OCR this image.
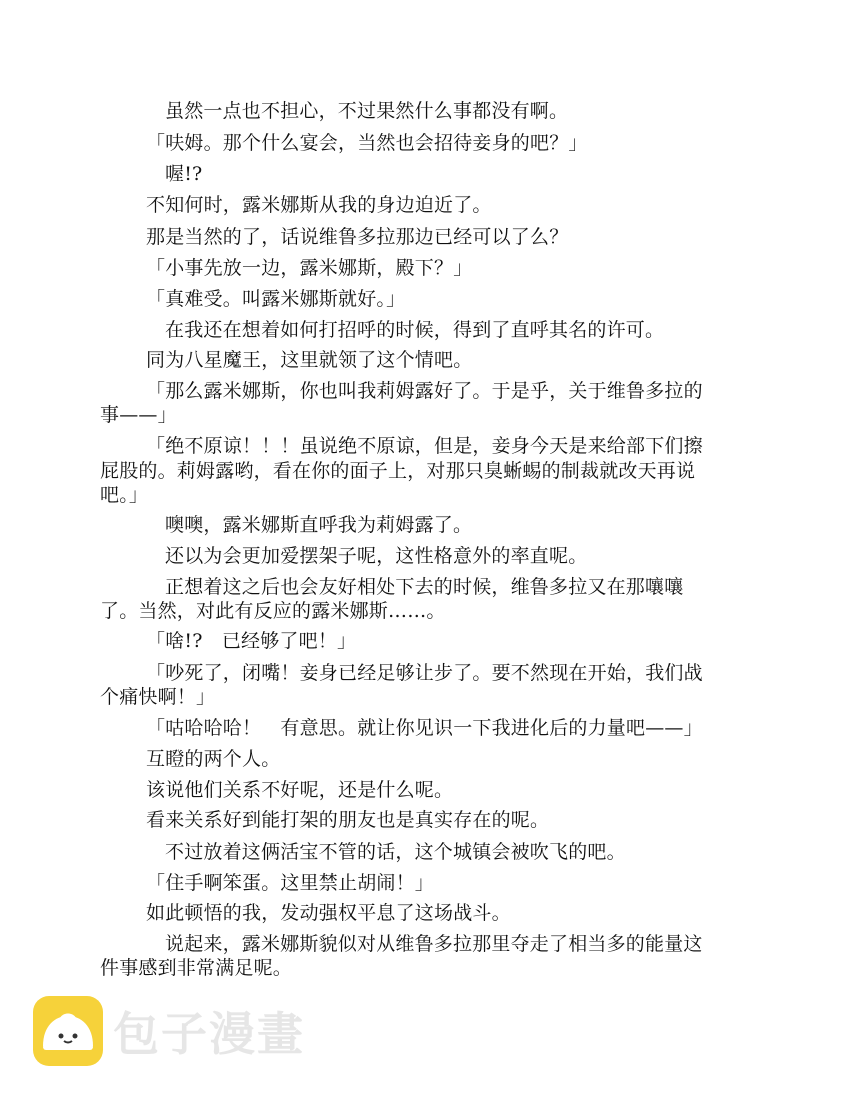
虽然一点也不担心，不过果然什么事都没有啊。
「呋姆。那个什么宴会，当然也会招待妾身的吧？」
喔!?
不知何时，露米娜斯从我的身边迫近了。
那是当然的了，话说维鲁多拉那边已经可以了么？
「小事先放一边，露米娜斯，殿下？」
「真难受。叫露米娜斯就好。」
在我还在想着如何打招呼的时候，得到了直呼其名的许可。
同为八星魔王，这里就领了这个情吧。
「那么露米娜斯，你也叫我莉姆露好了。于是乎，关于维鲁多拉的
事——」
「绝不原谅！！！虽说绝不原谅，但是，妾身今天是来给部下们擦
屁股的。莉姆露哟，看在你的面子上，对那只臭蜥蜴的制裁就改天再说
吧。」
噢噢，露米娜斯直呼我为莉姆露了。
还以为会更加爱摆架子呢，这性格意外的率直呢。
正想着这之后也会友好相处下去的时候，维鲁多拉又在那嚷嚷
了。当然，对此有反应的露米娜斯……。
「啥!?　已经够了吧！」
「吵死了，闭嘴！妾身已经足够让步了。要不然现在开始，我们战
个痛快啊！」
「咕哈哈哈！　有意思。就让你见识一下我进化后的力量吧——」
互瞪的两个人。
该说他们关系不好呢，还是什么呢。
看来关系好到能打架的朋友也是真实存在的呢。
不过放着这俩活宝不管的话，这个城镇会被吹飞的吧。
「住手啊笨蛋。这里禁止胡闹！」
如此顿悟的我，发动强权平息了这场战斗。
说起来，露米娜斯貌似对从维鲁多拉那里夺走了相当多的能量这
件事感到非常满足呢。
包子漫畫
